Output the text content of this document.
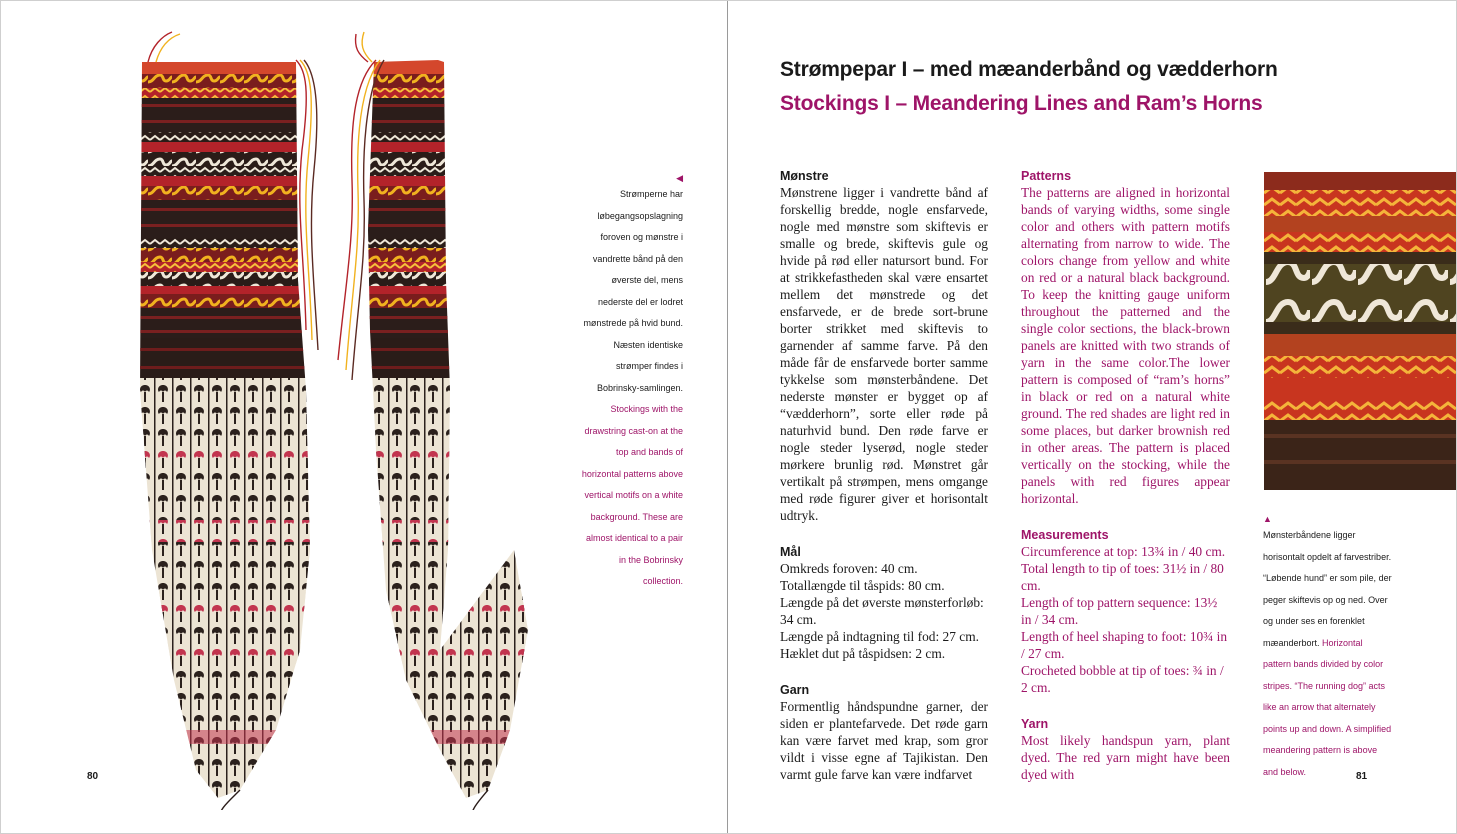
◀
Strømperne har løbegangsopslagning foroven og mønstre i vandrette bånd på den øverste del, mens nederste del er lodret mønstrede på hvid bund. Næsten identiske strømper findes i Bobrinsky-samlingen. Stockings with the drawstring cast-on at the top and bands of horizontal patterns above vertical motifs on a white background. These are almost identical to a pair in the Bobrinsky collection.
80
Strømpepar I – med mæanderbånd og vædderhorn
Stockings I – Meandering Lines and Ram’s Horns
Mønstre

Mønstrene ligger i vandrette bånd af forskellig bredde, nogle ensfarvede, nogle med mønstre som skiftevis er smalle og brede, skiftevis gule og hvide på rød eller natursort bund. For at strikkefastheden skal være ensartet mellem det mønstrede og det ensfarvede, er de brede sort-brune borter strikket med skiftevis to garnender af samme farve. På den måde får de ensfarvede borter samme tykkelse som mønsterbåndene. Det nederste mønster er bygget op af “vædderhorn”, sorte eller røde på naturhvid bund. Den røde farve er nogle steder lyserød, nogle steder mørkere brunlig rød. Mønstret går vertikalt på strømpen, mens omgange med røde figurer giver et horisontalt udtryk.

Mål
Omkreds foroven: 40 cm.
Totallængde til tåspids: 80 cm.
Længde på det øverste mønsterforløb: 34 cm.
Længde på indtagning til fod: 27 cm.
Hæklet dut på tåspidsen: 2 cm.
Garn

Formentlig håndspundne garner, der siden er plantefarvede. Det røde garn kan være farvet med krap, som gror vildt i visse egne af Tajikistan. Den varmt gule farve kan være indfarvet

Patterns

The patterns are aligned in horizontal bands of varying widths, some single color and others with pattern motifs alternating from narrow to wide. The colors change from yellow and white on red or a natural black background. To keep the knitting gauge uniform throughout the patterned and the single color sections, the black-brown panels are knitted with two strands of yarn in the same color.The lower pattern is composed of “ram’s horns” in black or red on a natural white ground. The red shades are light red in some places, but darker brownish red in other areas. The pattern is placed vertically on the stocking, while the panels with red figures appear horizontal.

Measurements
Circumference at top: 13¾ in / 40 cm.
Total length to tip of toes: 31½ in / 80 cm.
Length of top pattern sequence: 13½ in / 34 cm.
Length of heel shaping to foot: 10¾ in / 27 cm.
Crocheted bobble at tip of toes: ¾ in / 2 cm.
Yarn

Most likely handspun yarn, plant dyed. The red yarn might have been dyed with

▲
Mønsterbåndene ligger horisontalt opdelt af farvestriber. “Løbende hund” er som pile, der peger skiftevis op og ned. Over og under ses en forenklet mæanderbort. Horizontal pattern bands divided by color stripes. “The running dog” acts like an arrow that alternately points up and down. A simplified meandering pattern is above and below.	81
